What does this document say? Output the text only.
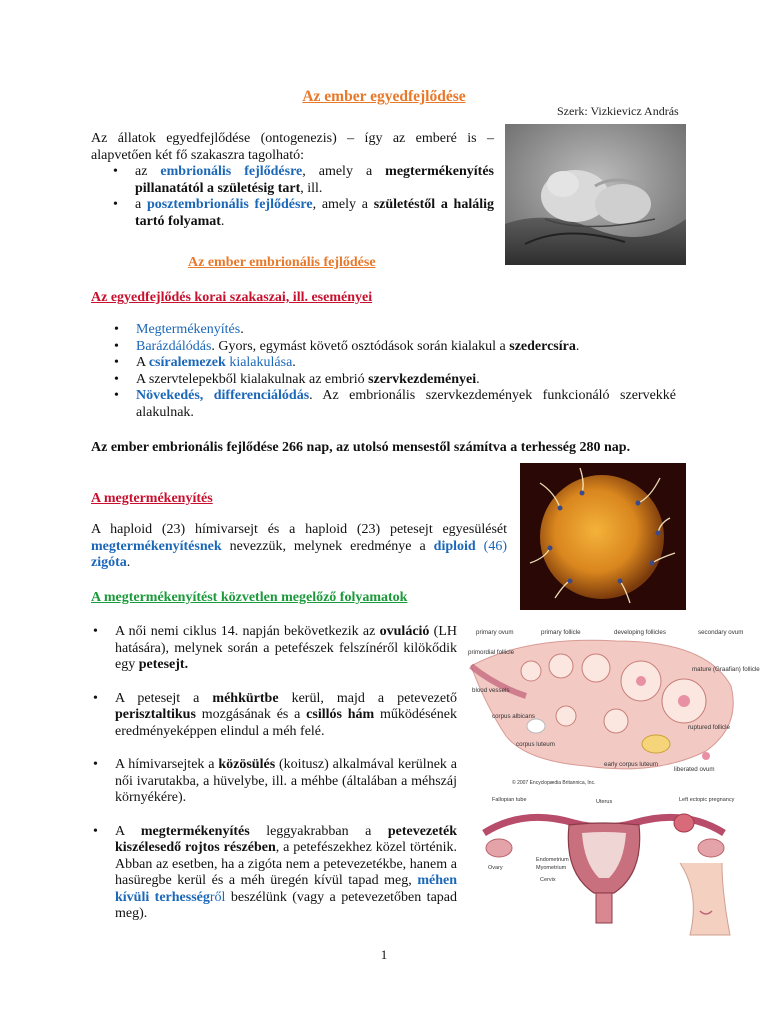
Az ember egyedfejlődése
Szerk: Vizkievicz András
Az állatok egyedfejlődése (ontogenezis) – így az emberé is – alapvetően két fő szakaszra tagolható:
• az embrionális fejlődésre, amely a megtermékenyítés pillanatától a születésig tart, ill.
• a posztembrionális fejlődésre, amely a születéstől a halálig tartó folyamat.
Az ember embrionális fejlődése
Az egyedfejlődés korai szakaszai, ill. eseményei
• Megtermékenyítés.
• Barázdálódás. Gyors, egymást követő osztódások során kialakul a szedercsíra.
• A csíralemezek kialakulása.
• A szervtelepekből kialakulnak az embrió szervkezdeményei.
• Növekedés, differenciálódás. Az embrionális szervkezdemények funkcionáló szervekké alakulnak.
Az ember embrionális fejlődése 266 nap, az utolsó mensestől számítva a terhesség 280 nap.
A megtermékenyítés
A haploid (23) hímivarsejt és a haploid (23) petesejt egyesülését megtermékenyítésnek nevezzük, melynek eredménye a diploid (46) zigóta.
A megtermékenyítést közvetlen megelőző folyamatok
• A női nemi ciklus 14. napján bekövetkezik az ovuláció (LH hatására), melynek során a petefészek felszínéről kilökődik egy petesejt.
• A petesejt a méhkürtbe kerül, majd a petevezető perisztaltikus mozgásának és a csillós hám működésének eredményeképpen elindul a méh felé.
• A hímivarsejtek a közösülés (koitusz) alkalmával kerülnek a női ivarutakba, a hüvelybe, ill. a méhbe (általában a méhszáj környékére).
• A megtermékenyítés leggyakrabban a petevezeték kiszélesedő rojtos részében, a petefészekhez közel történik. Abban az esetben, ha a zigóta nem a petevezetékbe, hanem a hasüregbe kerül és a méh üregén kívül tapad meg, méhen kívüli terhességről beszélünk (vagy a petevezetőben tapad meg).
primary ovum	primary follicle	developing follicles	secondary ovum
mature (Graafian) follicle
primordial follicle
blood vessels
corpus albicans
corpus luteum
ruptured follicle
early corpus luteum
liberated ovum
© 2007 Encyclopædia Britannica, Inc.
Fallopian tube	Uterus	Left ectopic pregnancy
Ovary
Endometrium
Myometrium
Cervix
1
